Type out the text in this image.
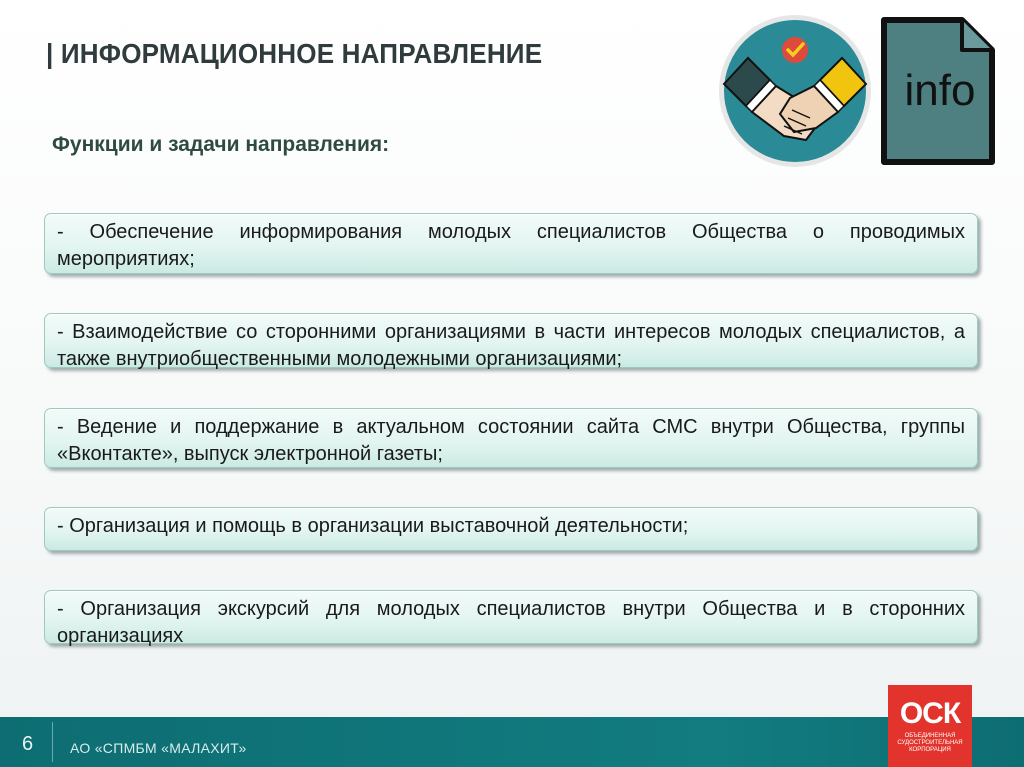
| ИНФОРМАЦИОННОЕ НАПРАВЛЕНИЕ
Функции и задачи направления:
info
- Обеспечение информирования молодых специалистов Общества о проводимых мероприятиях;
- Взаимодействие со сторонними организациями в части интересов молодых специалистов, а также внутриобщественными молодежными организациями;
- Ведение и поддержание в актуальном состоянии сайта СМС внутри Общества, группы «Вконтакте», выпуск электронной газеты;
- Организация и помощь в организации выставочной деятельности;
- Организация экскурсий для молодых специалистов внутри Общества и в сторонних организациях
6	АО «СПМБМ «МАЛАХИТ»
ОСК
ОБЪЕДИНЕННАЯ СУДОСТРОИТЕЛЬНАЯ КОРПОРАЦИЯ
